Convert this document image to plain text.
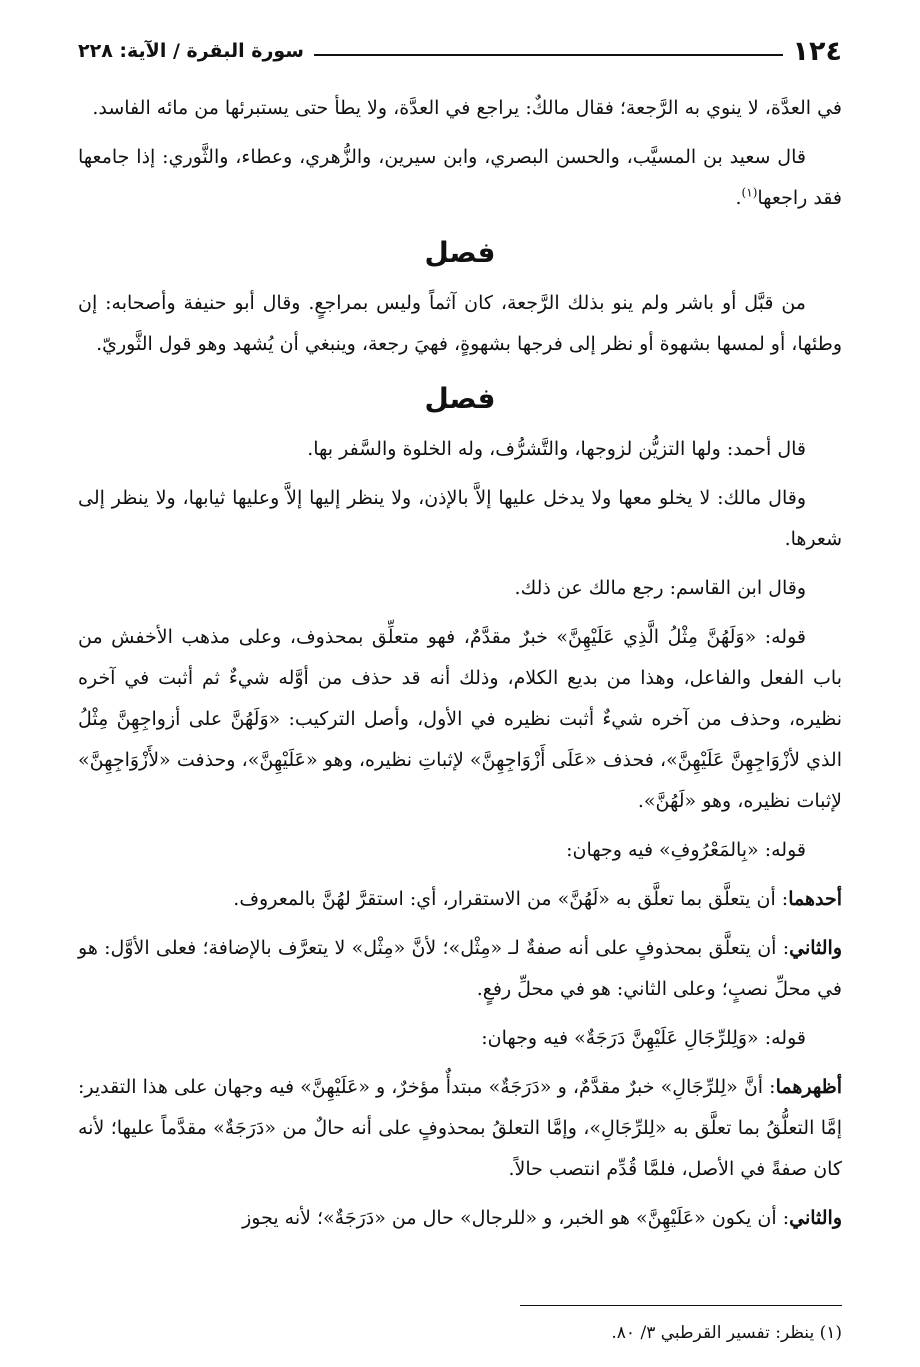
١٢٤
سورة البقرة / الآية: ٢٢٨

في العدَّة، لا ينوي به الرَّجعة؛ فقال مالكٌ: يراجع في العدَّة، ولا يطأ حتى يستبرئها من مائه الفاسد.

قال سعيد بن المسيَّب، والحسن البصري، وابن سيرين، والزُّهري، وعطاء، والثَّوري: إذا جامعها فقد راجعها$^{(١)}$.

فصل

من قبَّل أو باشر ولم ينو بذلك الرَّجعة، كان آثماً وليس بمراجعٍ. وقال أبو حنيفة وأصحابه: إن وطئها، أو لمسها بشهوة أو نظر إلى فرجها بشهوةٍ، فهيَ رجعة، وينبغي أن يُشهد وهو قول الثَّوريّ.

فصل

قال أحمد: ولها التزيُّن لزوجها، والتَّشرُّف، وله الخلوة والسَّفر بها.

وقال مالك: لا يخلو معها ولا يدخل عليها إلاَّ بالإذن، ولا ينظر إليها إلاَّ وعليها ثيابها، ولا ينظر إلى شعرها.

وقال ابن القاسم: رجع مالك عن ذلك.

قوله: «وَلَهُنَّ مِثْلُ الَّذِي عَلَيْهِنَّ» خبرٌ مقدَّمٌ، فهو متعلِّق بمحذوف، وعلى مذهب الأخفش من باب الفعل والفاعل، وهذا من بديع الكلام، وذلك أنه قد حذف من أوَّله شيءٌ ثم أثبت في آخره نظيره، وحذف من آخره شيءٌ أثبت نظيره في الأول، وأصل التركيب: «وَلَهُنَّ على أزواجِهِنَّ مِثْلُ الذي لأزْوَاجِهِنَّ عَلَيْهِنَّ»، فحذف «عَلَى أَزْوَاجِهِنَّ» لإثباتِ نظيره، وهو «عَلَيْهِنَّ»، وحذفت «لأَزْوَاجِهِنَّ» لإثبات نظيره، وهو «لَهُنَّ».

قوله: «بِالمَعْرُوفِ» فيه وجهان:

أحدهما: أن يتعلَّق بما تعلَّق به «لَهُنَّ» من الاستقرار، أي: استقرَّ لهُنَّ بالمعروف.

والثاني: أن يتعلَّق بمحذوفٍ على أنه صفةٌ لـ «مِثْل»؛ لأنَّ «مِثْل» لا يتعرَّف بالإضافة؛ فعلى الأوَّل: هو في محلِّ نصبٍ؛ وعلى الثاني: هو في محلِّ رفعٍ.

قوله: «وَلِلرِّجَالِ عَلَيْهِنَّ دَرَجَةٌ» فيه وجهان:

أظهرهما: أنَّ «لِلرِّجَالِ» خبرٌ مقدَّمٌ، و «دَرَجَةٌ» مبتدأٌ مؤخرٌ، و «عَلَيْهِنَّ» فيه وجهان على هذا التقدير: إمَّا التعلُّقُ بما تعلَّق به «لِلرِّجَالِ»، وإمَّا التعلقُ بمحذوفٍ على أنه حالٌ من «دَرَجَةٌ» مقدَّماً عليها؛ لأنه كان صفةً في الأصل، فلمَّا قُدِّم انتصب حالاً.

والثاني: أن يكون «عَلَيْهِنَّ» هو الخبر، و «للرجال» حال من «دَرَجَةٌ»؛ لأنه يجوز

(١) ينظر: تفسير القرطبي ٣/ ٨٠.
